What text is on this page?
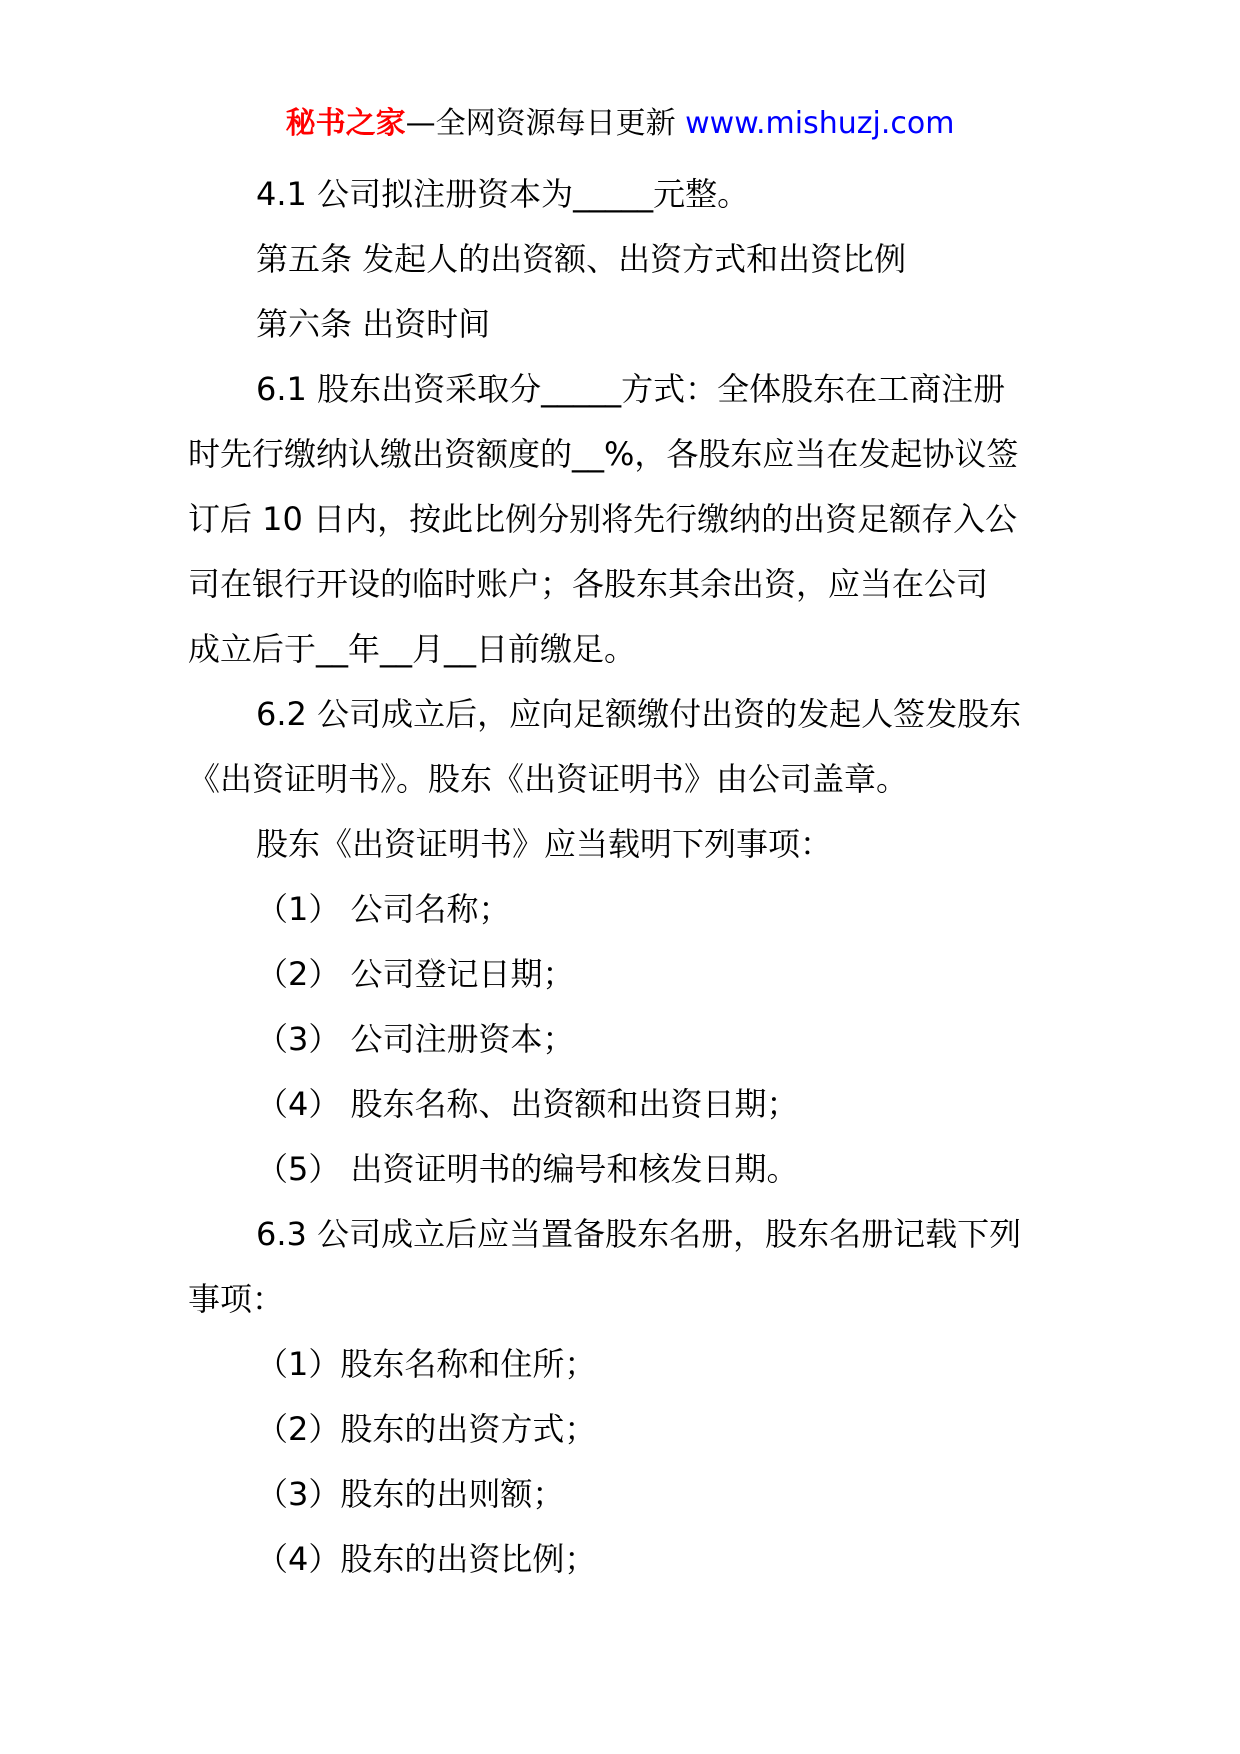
秘书之家—全网资源每日更新 www.mishuzj.com

4.1 公司拟注册资本为_____元整。

第五条 发起人的出资额、出资方式和出资比例

第六条 出资时间

6.1 股东出资采取分_____方式：全体股东在工商注册

时先行缴纳认缴出资额度的__%，各股东应当在发起协议签

订后 10 日内，按此比例分别将先行缴纳的出资足额存入公

司在银行开设的临时账户；各股东其余出资，应当在公司

成立后于__年__月__日前缴足。

6.2 公司成立后，应向足额缴付出资的发起人签发股东

《出资证明书》。股东《出资证明书》由公司盖章。

股东《出资证明书》应当载明下列事项：

（1） 公司名称；

（2） 公司登记日期；

（3） 公司注册资本；

（4） 股东名称、出资额和出资日期；

（5） 出资证明书的编号和核发日期。

6.3 公司成立后应当置备股东名册，股东名册记载下列

事项：

（1）股东名称和住所；

（2）股东的出资方式；

（3）股东的出则额；

（4）股东的出资比例；
